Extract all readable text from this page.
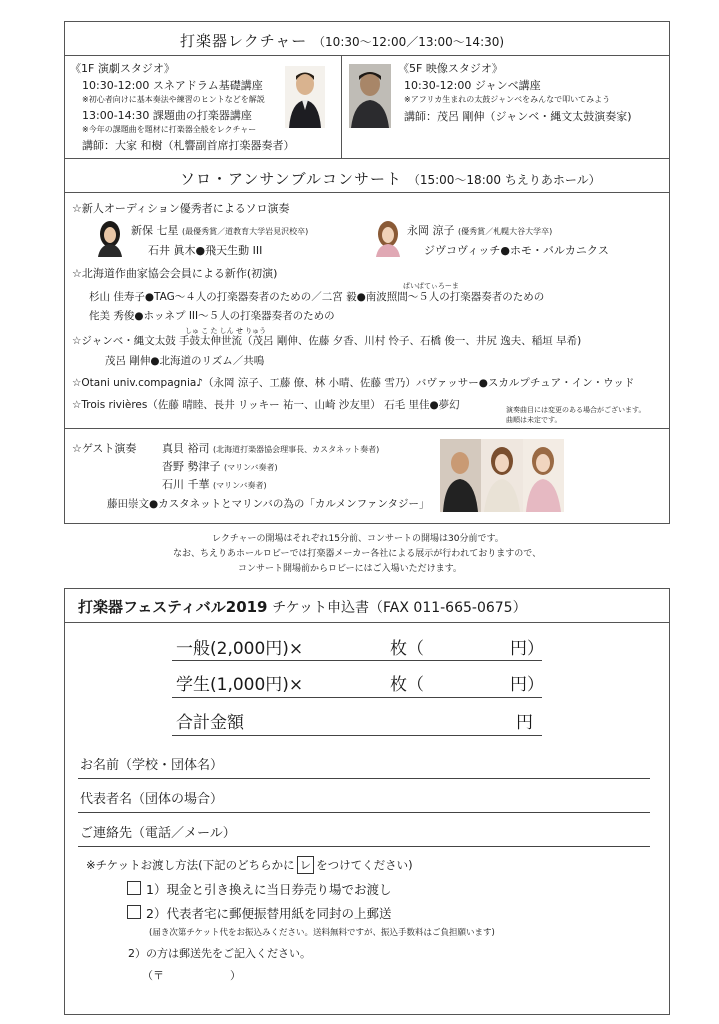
打楽器レクチャー （10:30〜12:00／13:00〜14:30)
《1F 演劇スタジオ》
10:30-12:00 スネアドラム基礎講座
※初心者向けに基本奏法や練習のヒントなどを解説
13:00-14:30 課題曲の打楽器講座
※今年の課題曲を題材に打楽器全般をレクチャー
講師：大家 和樹（札響副首席打楽器奏者）
《5F 映像スタジオ》
10:30-12:00 ジャンベ講座
※アフリカ生まれの太鼓ジャンベをみんなで叩いてみよう
講師：茂呂 剛伸（ジャンベ・縄文太鼓演奏家)
ソロ・アンサンブルコンサート （15:00〜18:00 ちえりあホール）
☆新人オーディション優秀者によるソロ演奏
新保 七星 (最優秀賞／道教育大学岩見沢校卒)
石井 眞木●飛天生動 III
永岡 涼子 (優秀賞／札幌大谷大学卒)
ジヴコヴィッチ●ホモ・バルカニクス
☆北海道作曲家協会会員による新作(初演)
ぱいぱてぃろーま
杉山 佳寿子●TAG〜４人の打楽器奏者のための／二宮 毅●南波照間〜５人の打楽器奏者のための
侘美 秀俊●ホッネプ III〜５人の打楽器奏者のための
しゅ こ た しん せ りゅう
☆ジャンベ・縄文太鼓 手鼓太伸世流（茂呂 剛伸、佐藤 夕香、川村 怜子、石橋 俊一、井尻 逸夫、稲垣 早希)
茂呂 剛伸●北海道のリズム／共鳴
☆Otani univ.compagnia♪（永岡 涼子、工藤 僚、林 小晴、佐藤 雪乃）バヴァッサー●スカルプチュア・イン・ウッド
☆Trois rivières（佐藤 晴睦、長井 リッキー 祐一、山崎 沙友里） 石毛 里佳●夢幻	演奏曲目には変更のある場合がございます。
曲順は未定です。
☆ゲスト演奏 真貝 裕司 (北海道打楽器協会理事長、カスタネット奏者)
沓野 勢津子 (マリンバ奏者)
石川 千華 (マリンバ奏者)
藤田崇文●カスタネットとマリンバの為の「カルメンファンタジー」
レクチャーの開場はそれぞれ15分前、コンサートの開場は30分前です。
なお、ちえりあホールロビーでは打楽器メーカー各社による展示が行われておりますので、
コンサート開場前からロビーにはご入場いただけます。
打楽器フェスティバル2019 チケット申込書（FAX 011-665-0675）
一般(2,000円)×	枚（	円）
学生(1,000円)×	枚（	円）
合計金額	円
お名前（学校・団体名）
代表者名（団体の場合）
ご連絡先（電話／メール）
※チケットお渡し方法(下記のどちらかに レ をつけてください)
1）現金と引き換えに当日券売り場でお渡し
2）代表者宅に郵便振替用紙を同封の上郵送
(届き次第チケット代をお振込みください。送料無料ですが、振込手数料はご負担願います)
2）の方は郵送先をご記入ください。
（〒　　　　　　）
